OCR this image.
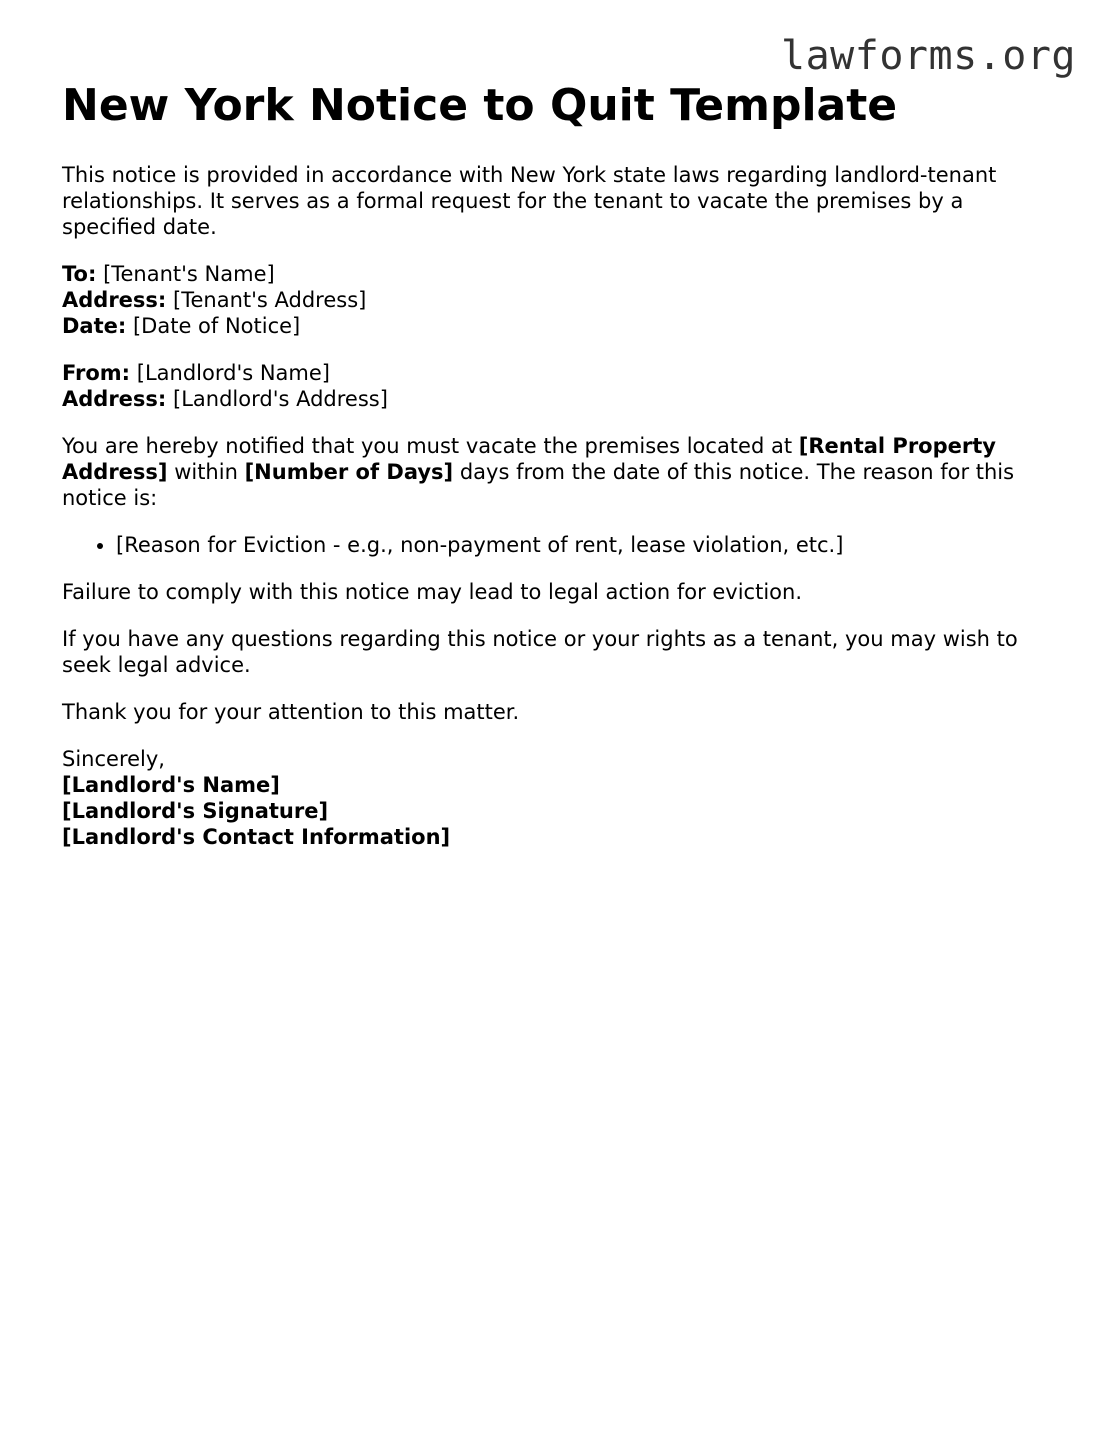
lawforms.org
New York Notice to Quit Template

This notice is provided in accordance with New York state laws regarding landlord-tenant relationships. It serves as a formal request for the tenant to vacate the premises by a specified date.

To: [Tenant's Name]
Address: [Tenant's Address]
Date: [Date of Notice]

From: [Landlord's Name]
Address: [Landlord's Address]

You are hereby notified that you must vacate the premises located at [Rental Property Address] within [Number of Days] days from the date of this notice. The reason for this notice is:

• [Reason for Eviction - e.g., non-payment of rent, lease violation, etc.]

Failure to comply with this notice may lead to legal action for eviction.

If you have any questions regarding this notice or your rights as a tenant, you may wish to seek legal advice.

Thank you for your attention to this matter.

Sincerely,
[Landlord's Name]
[Landlord's Signature]
[Landlord's Contact Information]
